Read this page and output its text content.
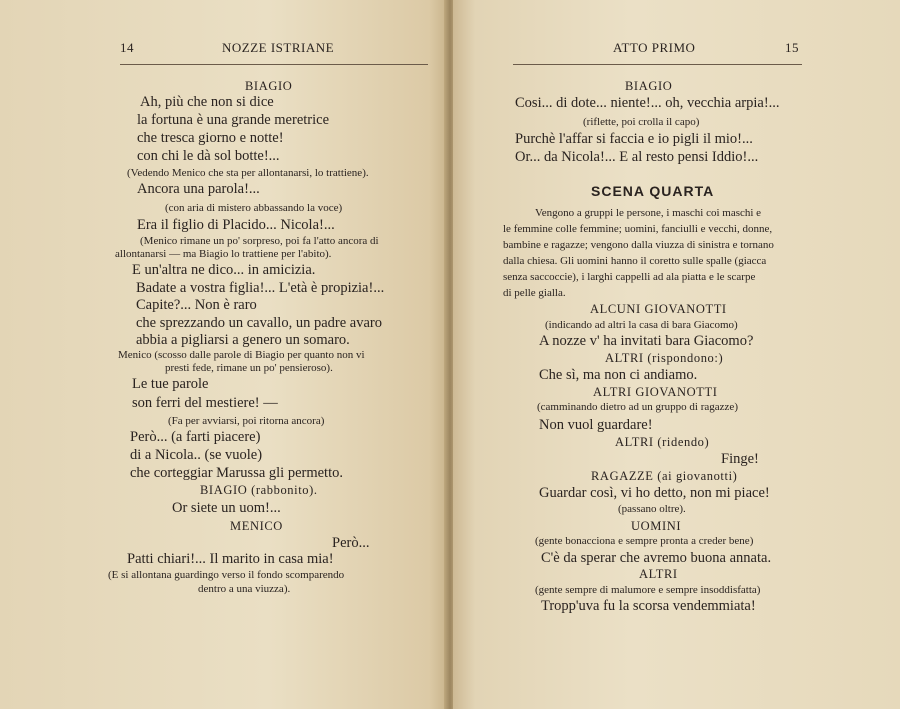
14	NOZZE ISTRIANE
BIAGIO
Ah, più che non si dice
la fortuna è una grande meretrice
che tresca giorno e notte!
con chi le dà sol botte!...
(Vedendo Menico che sta per allontanarsi, lo trattiene).
Ancora una parola!...
(con aria di mistero abbassando la voce)
Era il figlio di Placido... Nicola!...
(Menico rimane un po' sorpreso, poi fa l'atto ancora di
allontanarsi — ma Biagio lo trattiene per l'abito).
E un'altra ne dico... in amicizia.
Badate a vostra figlia!... L'età è propizia!...
Capite?... Non è raro
che sprezzando un cavallo, un padre avaro
abbia a pigliarsi a genero un somaro.
Menico (scosso dalle parole di Biagio per quanto non vi
presti fede, rimane un po' pensieroso).
Le tue parole
son ferri del mestiere! —
(Fa per avviarsi, poi ritorna ancora)
Però... (a farti piacere)
di a Nicola.. (se vuole)
che corteggiar Marussa gli permetto.
BIAGIO (rabbonito).
Or siete un uom!...
MENICO
Però...
Patti chiari!... Il marito in casa mia!
(E si allontana guardingo verso il fondo scomparendo
dentro a una viuzza).
ATTO PRIMO	15
BIAGIO
Cosi... di dote... niente!... oh, vecchia arpia!...
(riflette, poi crolla il capo)
Purchè l'affar si faccia e io pigli il mio!...
Or... da Nicola!... E al resto pensi Iddio!...
SCENA QUARTA
Vengono a gruppi le persone, i maschi coi maschi e
le femmine colle femmine; uomini, fanciulli e vecchi, donne,
bambine e ragazze; vengono dalla viuzza di sinistra e tornano
dalla chiesa. Gli uomini hanno il coretto sulle spalle (giacca
senza saccoccie), i larghi cappelli ad ala piatta e le scarpe
di pelle gialla.
ALCUNI GIOVANOTTI
(indicando ad altri la casa di bara Giacomo)
A nozze v' ha invitati bara Giacomo?
ALTRI (rispondono:)
Che sì, ma non ci andiamo.
ALTRI GIOVANOTTI
(camminando dietro ad un gruppo di ragazze)
Non vuol guardare!
ALTRI (ridendo)
Finge!
RAGAZZE (ai giovanotti)
Guardar così, vi ho detto, non mi piace!
(passano oltre).
UOMINI
(gente bonacciona e sempre pronta a creder bene)
C'è da sperar che avremo buona annata.
ALTRI
(gente sempre di malumore e sempre insoddisfatta)
Tropp'uva fu la scorsa vendemmiata!
